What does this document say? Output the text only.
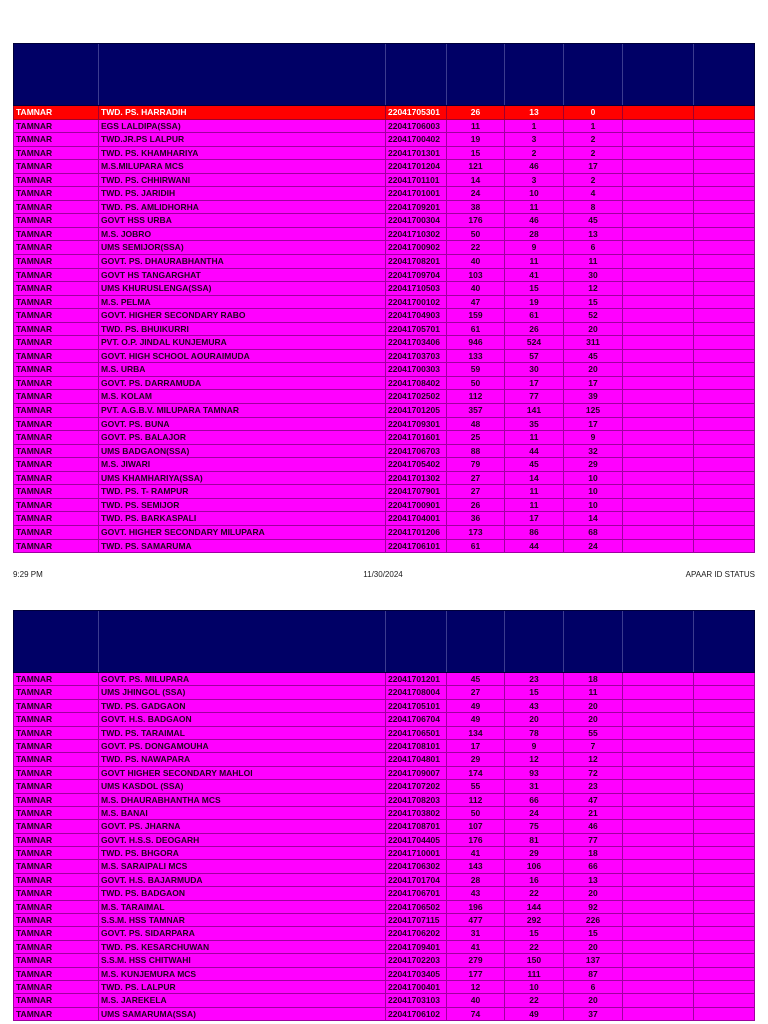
TAMNAR	TWD. PS. HARRADIH	22041705301	26	13	0
TAMNAR	EGS LALDIPA(SSA)	22041706003	11	1	1
TAMNAR	TWD.JR.PS LALPUR	22041700402	19	3	2
TAMNAR	TWD. PS. KHAMHARIYA	22041701301	15	2	2
TAMNAR	M.S.MILUPARA MCS	22041701204	121	46	17
TAMNAR	TWD. PS. CHHIRWANI	22041701101	14	3	2
TAMNAR	TWD. PS. JARIDIH	22041701001	24	10	4
TAMNAR	TWD. PS. AMLIDHORHA	22041709201	38	11	8
TAMNAR	GOVT HSS URBA	22041700304	176	46	45
TAMNAR	M.S. JOBRO	22041710302	50	28	13
TAMNAR	UMS SEMIJOR(SSA)	22041700902	22	9	6
TAMNAR	GOVT. PS. DHAURABHANTHA	22041708201	40	11	11
TAMNAR	GOVT HS TANGARGHAT	22041709704	103	41	30
TAMNAR	UMS KHURUSLENGA(SSA)	22041710503	40	15	12
TAMNAR	M.S. PELMA	22041700102	47	19	15
TAMNAR	GOVT. HIGHER SECONDARY RABO	22041704903	159	61	52
TAMNAR	TWD. PS. BHUIKURRI	22041705701	61	26	20
TAMNAR	PVT. O.P. JINDAL KUNJEMURA	22041703406	946	524	311
TAMNAR	GOVT. HIGH SCHOOL AOURAIMUDA	22041703703	133	57	45
TAMNAR	M.S. URBA	22041700303	59	30	20
TAMNAR	GOVT. PS. DARRAMUDA	22041708402	50	17	17
TAMNAR	M.S. KOLAM	22041702502	112	77	39
TAMNAR	PVT. A.G.B.V. MILUPARA TAMNAR	22041701205	357	141	125
TAMNAR	GOVT. PS. BUNA	22041709301	48	35	17
TAMNAR	GOVT. PS. BALAJOR	22041701601	25	11	9
TAMNAR	UMS BADGAON(SSA)	22041706703	88	44	32
TAMNAR	M.S. JIWARI	22041705402	79	45	29
TAMNAR	UMS KHAMHARIYA(SSA)	22041701302	27	14	10
TAMNAR	TWD. PS. T- RAMPUR	22041707901	27	11	10
TAMNAR	TWD. PS. SEMIJOR	22041700901	26	11	10
TAMNAR	TWD. PS. BARKASPALI	22041704001	36	17	14
TAMNAR	GOVT. HIGHER SECONDARY MILUPARA	22041701206	173	86	68
TAMNAR	TWD. PS. SAMARUMA	22041706101	61	44	24
9:29 PM	11/30/2024	APAAR ID STATUS
TAMNAR	GOVT. PS. MILUPARA	22041701201	45	23	18
TAMNAR	UMS JHINGOL (SSA)	22041708004	27	15	11
TAMNAR	TWD. PS. GADGAON	22041705101	49	43	20
TAMNAR	GOVT. H.S. BADGAON	22041706704	49	20	20
TAMNAR	TWD. PS. TARAIMAL	22041706501	134	78	55
TAMNAR	GOVT. PS. DONGAMOUHA	22041708101	17	9	7
TAMNAR	TWD. PS. NAWAPARA	22041704801	29	12	12
TAMNAR	GOVT HIGHER SECONDARY MAHLOI	22041709007	174	93	72
TAMNAR	UMS KASDOL (SSA)	22041707202	55	31	23
TAMNAR	M.S. DHAURABHANTHA MCS	22041708203	112	66	47
TAMNAR	M.S. BANAI	22041703802	50	24	21
TAMNAR	GOVT. PS. JHARNA	22041708701	107	75	46
TAMNAR	GOVT. H.S.S. DEOGARH	22041704405	176	81	77
TAMNAR	TWD. PS. BHGORA	22041710001	41	29	18
TAMNAR	M.S. SARAIPALI MCS	22041706302	143	106	66
TAMNAR	GOVT. H.S. BAJARMUDA	22041701704	28	16	13
TAMNAR	TWD. PS. BADGAON	22041706701	43	22	20
TAMNAR	M.S. TARAIMAL	22041706502	196	144	92
TAMNAR	S.S.M. HSS TAMNAR	22041707115	477	292	226
TAMNAR	GOVT. PS. SIDARPARA	22041706202	31	15	15
TAMNAR	TWD. PS. KESARCHUWAN	22041709401	41	22	20
TAMNAR	S.S.M. HSS CHITWAHI	22041702203	279	150	137
TAMNAR	M.S. KUNJEMURA MCS	22041703405	177	111	87
TAMNAR	TWD. PS. LALPUR	22041700401	12	10	6
TAMNAR	M.S. JAREKELA	22041703103	40	22	20
TAMNAR	UMS SAMARUMA(SSA)	22041706102	74	49	37
